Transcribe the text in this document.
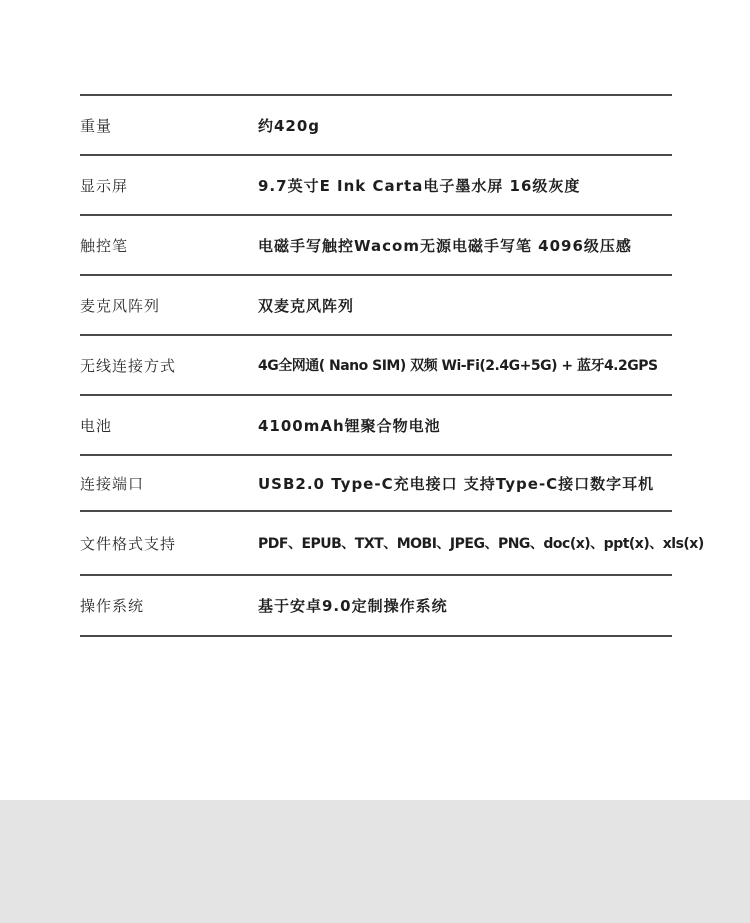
重量	约420g
显示屏	9.7英寸E Ink Carta电子墨水屏 16级灰度
触控笔	电磁手写触控Wacom无源电磁手写笔 4096级压感
麦克风阵列	双麦克风阵列
无线连接方式	4G全网通( Nano SIM) 双频 Wi-Fi(2.4G+5G) + 蓝牙4.2GPS
电池	4100mAh锂聚合物电池
连接端口	USB2.0 Type-C充电接口 支持Type-C接口数字耳机
文件格式支持	PDF、EPUB、TXT、MOBI、JPEG、PNG、doc(x)、ppt(x)、xls(x)
操作系统	基于安卓9.0定制操作系统
